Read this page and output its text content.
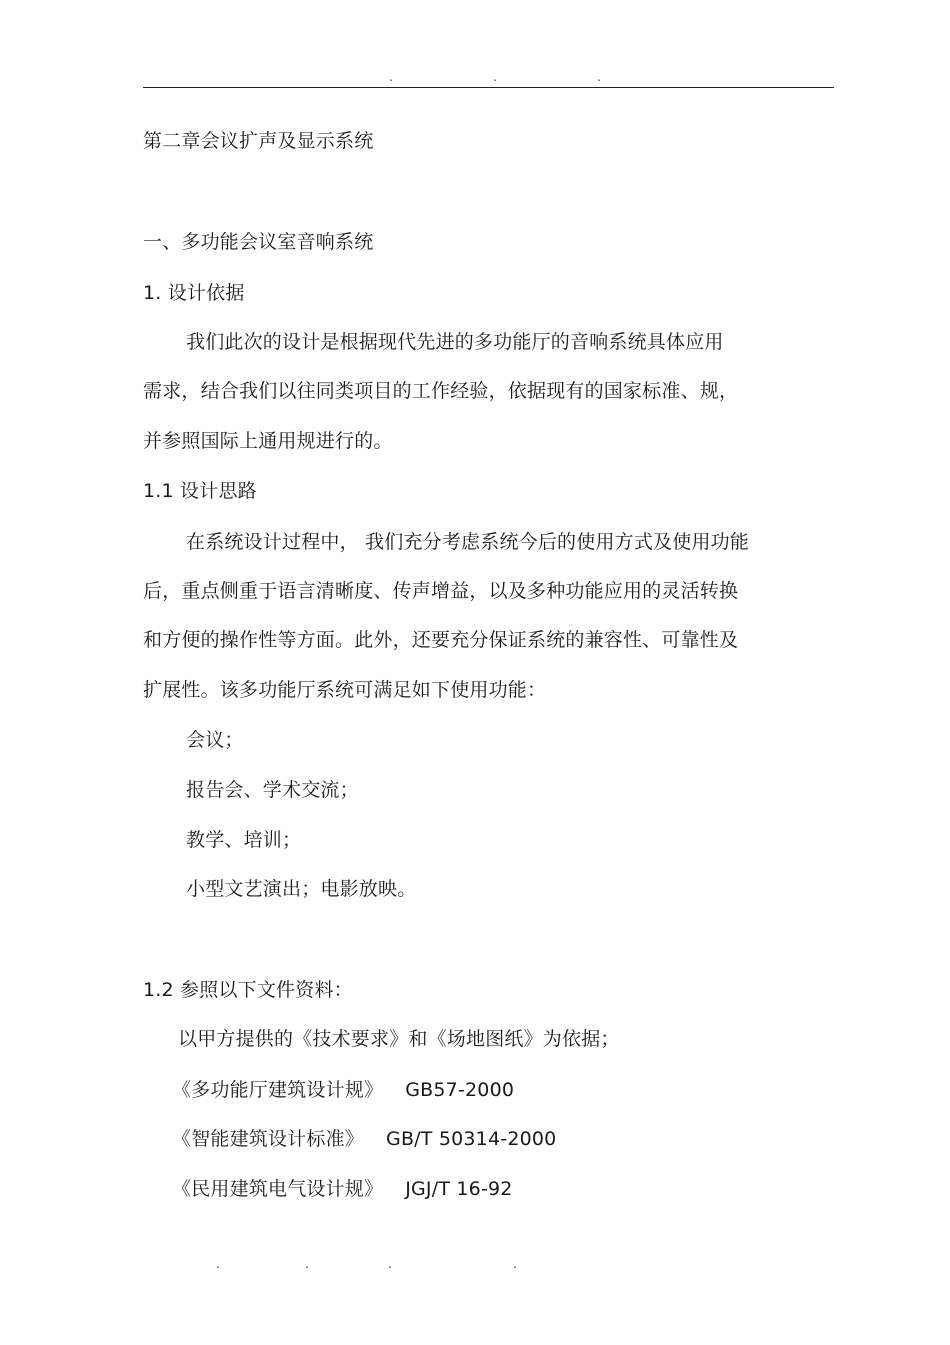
.	.	.
第二章会议扩声及显示系统
一、多功能会议室音响系统
1. 设计依据
我们此次的设计是根据现代先进的多功能厅的音响系统具体应用
需求，结合我们以往同类项目的工作经验，依据现有的国家标准、规，
并参照国际上通用规进行的。
1.1 设计思路
在系统设计过程中， 我们充分考虑系统今后的使用方式及使用功能
后，重点侧重于语言清晰度、传声增益，以及多种功能应用的灵活转换
和方便的操作性等方面。此外，还要充分保证系统的兼容性、可靠性及
扩展性。该多功能厅系统可满足如下使用功能：
会议；
报告会、学术交流；
教学、培训；
小型文艺演出；电影放映。
1.2 参照以下文件资料：
以甲方提供的《技术要求》和《场地图纸》为依据；
《多功能厅建筑设计规》 GB57-2000
《智能建筑设计标准》 GB/T 50314-2000
《民用建筑电气设计规》 JGJ/T 16-92
.	.	.	.
